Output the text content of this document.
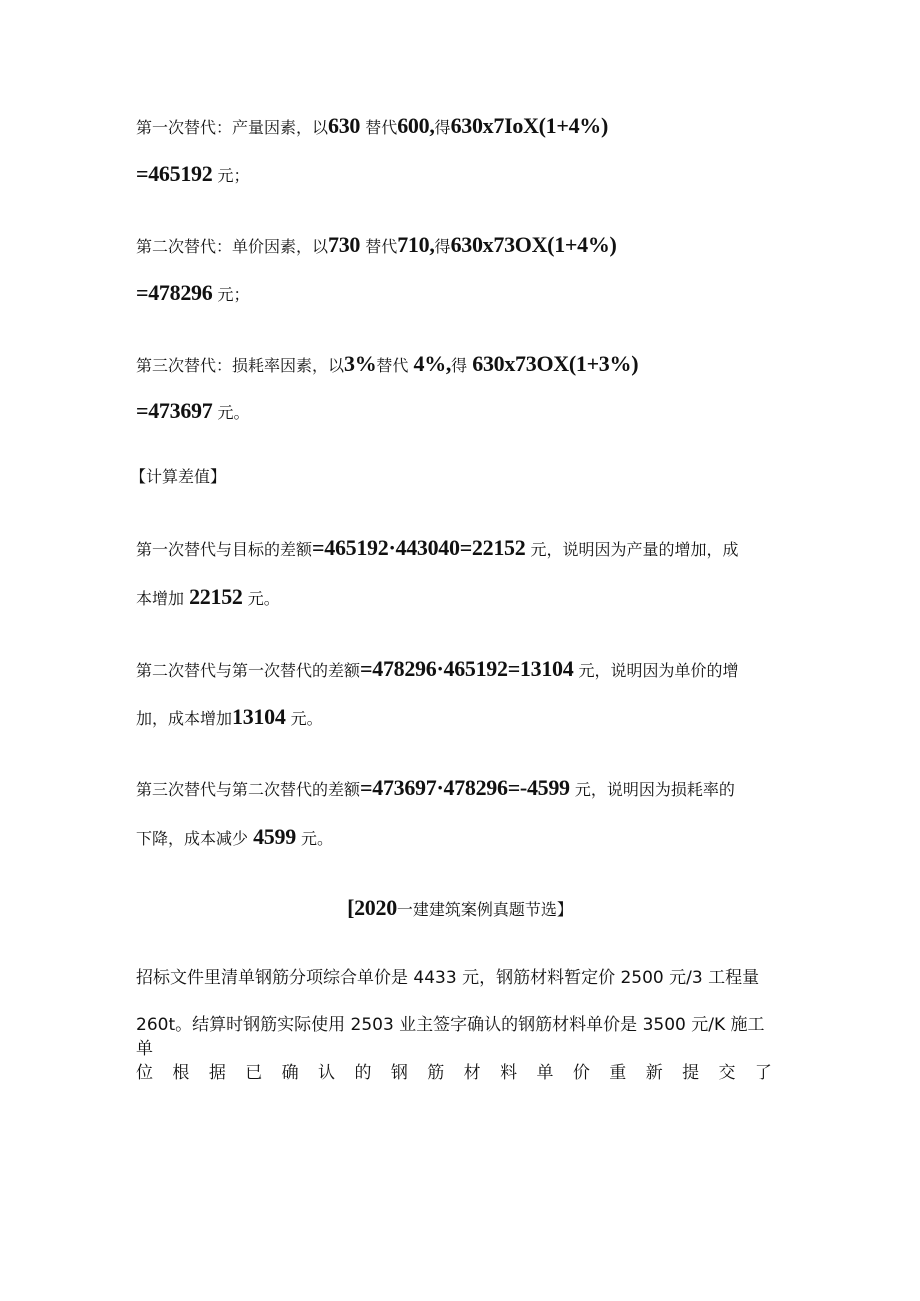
第一次替代：产量因素，以630 替代600,得630x7IoX(1+4%)
=465192 元；
第二次替代：单价因素，以730 替代710,得630x73OX(1+4%)
=478296 元；
第三次替代：损耗率因素，以3%替代 4%,得 630x73OX(1+3%)
=473697 元。
【计算差值】
第一次替代与目标的差额=465192·443040=22152 元，说明因为产量的增加，成
本增加 22152 元。
第二次替代与第一次替代的差额=478296·465192=13104 元，说明因为单价的增
加，成本增加13104 元。
第三次替代与第二次替代的差额=473697·478296=-4599 元，说明因为损耗率的
下降，成本减少 4599 元。
[2020一建建筑案例真题节选】
招标文件里清单钢筋分项综合单价是 4433 元，钢筋材料暂定价 2500 元/3 工程量
260t。结算时钢筋实际使用 2503 业主签字确认的钢筋材料单价是 3500 元/K 施工单
位 根 据 已 确 认 的 钢 筋 材 料 单 价 重 新 提 交 了
